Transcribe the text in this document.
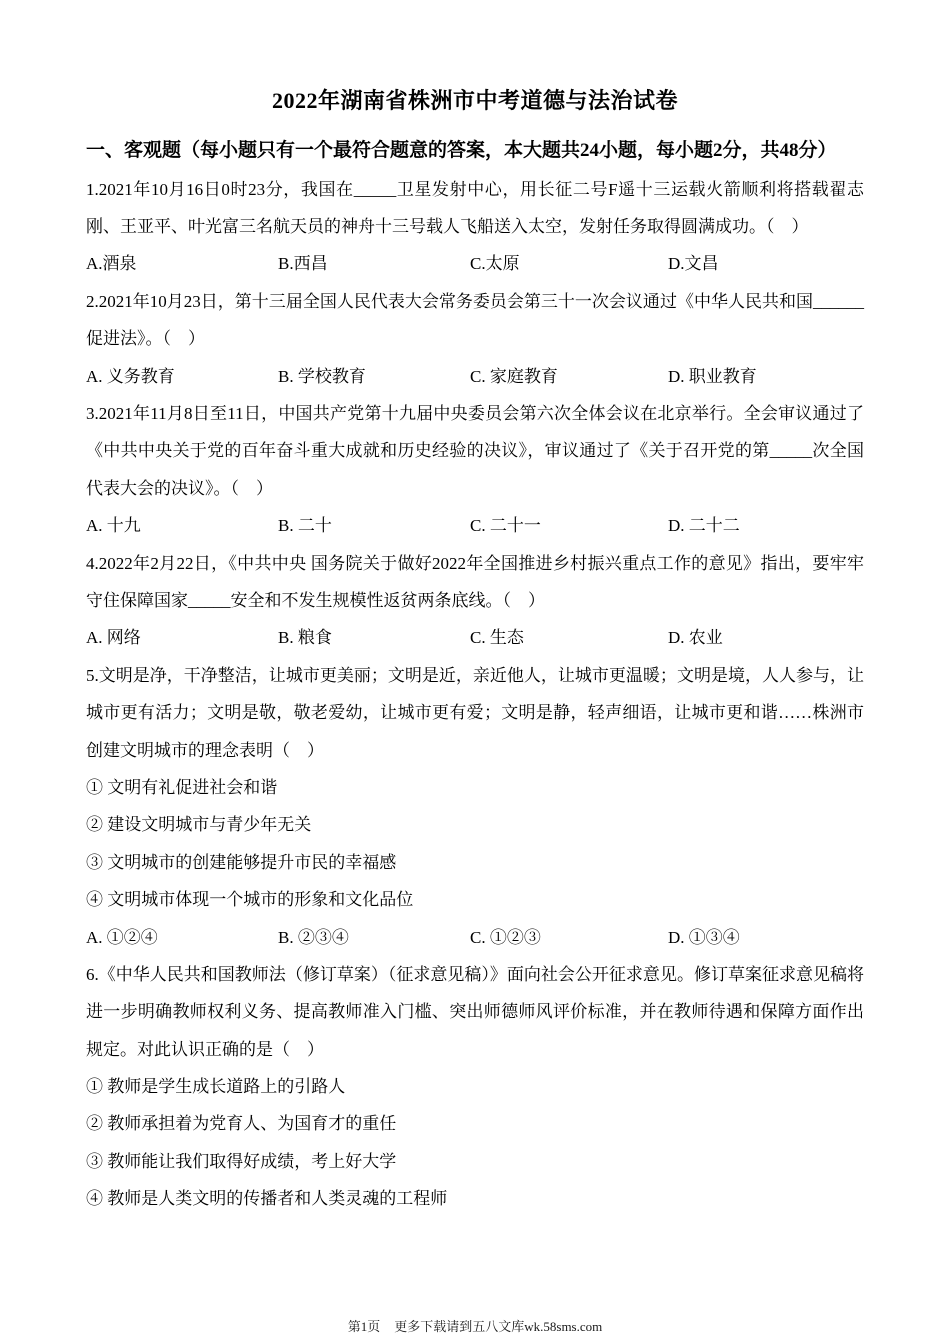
2022年湖南省株洲市中考道德与法治试卷
一、客观题（每小题只有一个最符合题意的答案，本大题共24小题，每小题2分，共48分）

1.2021年10月16日0时23分，我国在_____卫星发射中心，用长征二号F遥十三运载火箭顺利将搭载翟志刚、王亚平、叶光富三名航天员的神舟十三号载人飞船送入太空，发射任务取得圆满成功。（　）

A.酒泉	B.西昌	C.太原	D.文昌

2.2021年10月23日，第十三届全国人民代表大会常务委员会第三十一次会议通过《中华人民共和国______促进法》。（　）

A. 义务教育	B. 学校教育	C. 家庭教育	D. 职业教育

3.2021年11月8日至11日，中国共产党第十九届中央委员会第六次全体会议在北京举行。全会审议通过了《中共中央关于党的百年奋斗重大成就和历史经验的决议》，审议通过了《关于召开党的第_____次全国代表大会的决议》。（　）

A. 十九	B. 二十	C. 二十一	D. 二十二

4.2022年2月22日，《中共中央 国务院关于做好2022年全国推进乡村振兴重点工作的意见》指出，要牢牢守住保障国家_____安全和不发生规模性返贫两条底线。（　）

A. 网络	B. 粮食	C. 生态	D. 农业

5.文明是净，干净整洁，让城市更美丽；文明是近，亲近他人，让城市更温暖；文明是境，人人参与，让城市更有活力；文明是敬，敬老爱幼，让城市更有爱；文明是静，轻声细语，让城市更和谐……株洲市创建文明城市的理念表明（　）

① 文明有礼促进社会和谐

② 建设文明城市与青少年无关

③ 文明城市的创建能够提升市民的幸福感

④ 文明城市体现一个城市的形象和文化品位

A. ①②④	B. ②③④	C. ①②③	D. ①③④

6.《中华人民共和国教师法（修订草案）（征求意见稿）》面向社会公开征求意见。修订草案征求意见稿将进一步明确教师权利义务、提高教师准入门槛、突出师德师风评价标准，并在教师待遇和保障方面作出规定。对此认识正确的是（　）

① 教师是学生成长道路上的引路人

② 教师承担着为党育人、为国育才的重任

③ 教师能让我们取得好成绩，考上好大学

④ 教师是人类文明的传播者和人类灵魂的工程师

第1页 更多下载请到五八文库wk.58sms.com
